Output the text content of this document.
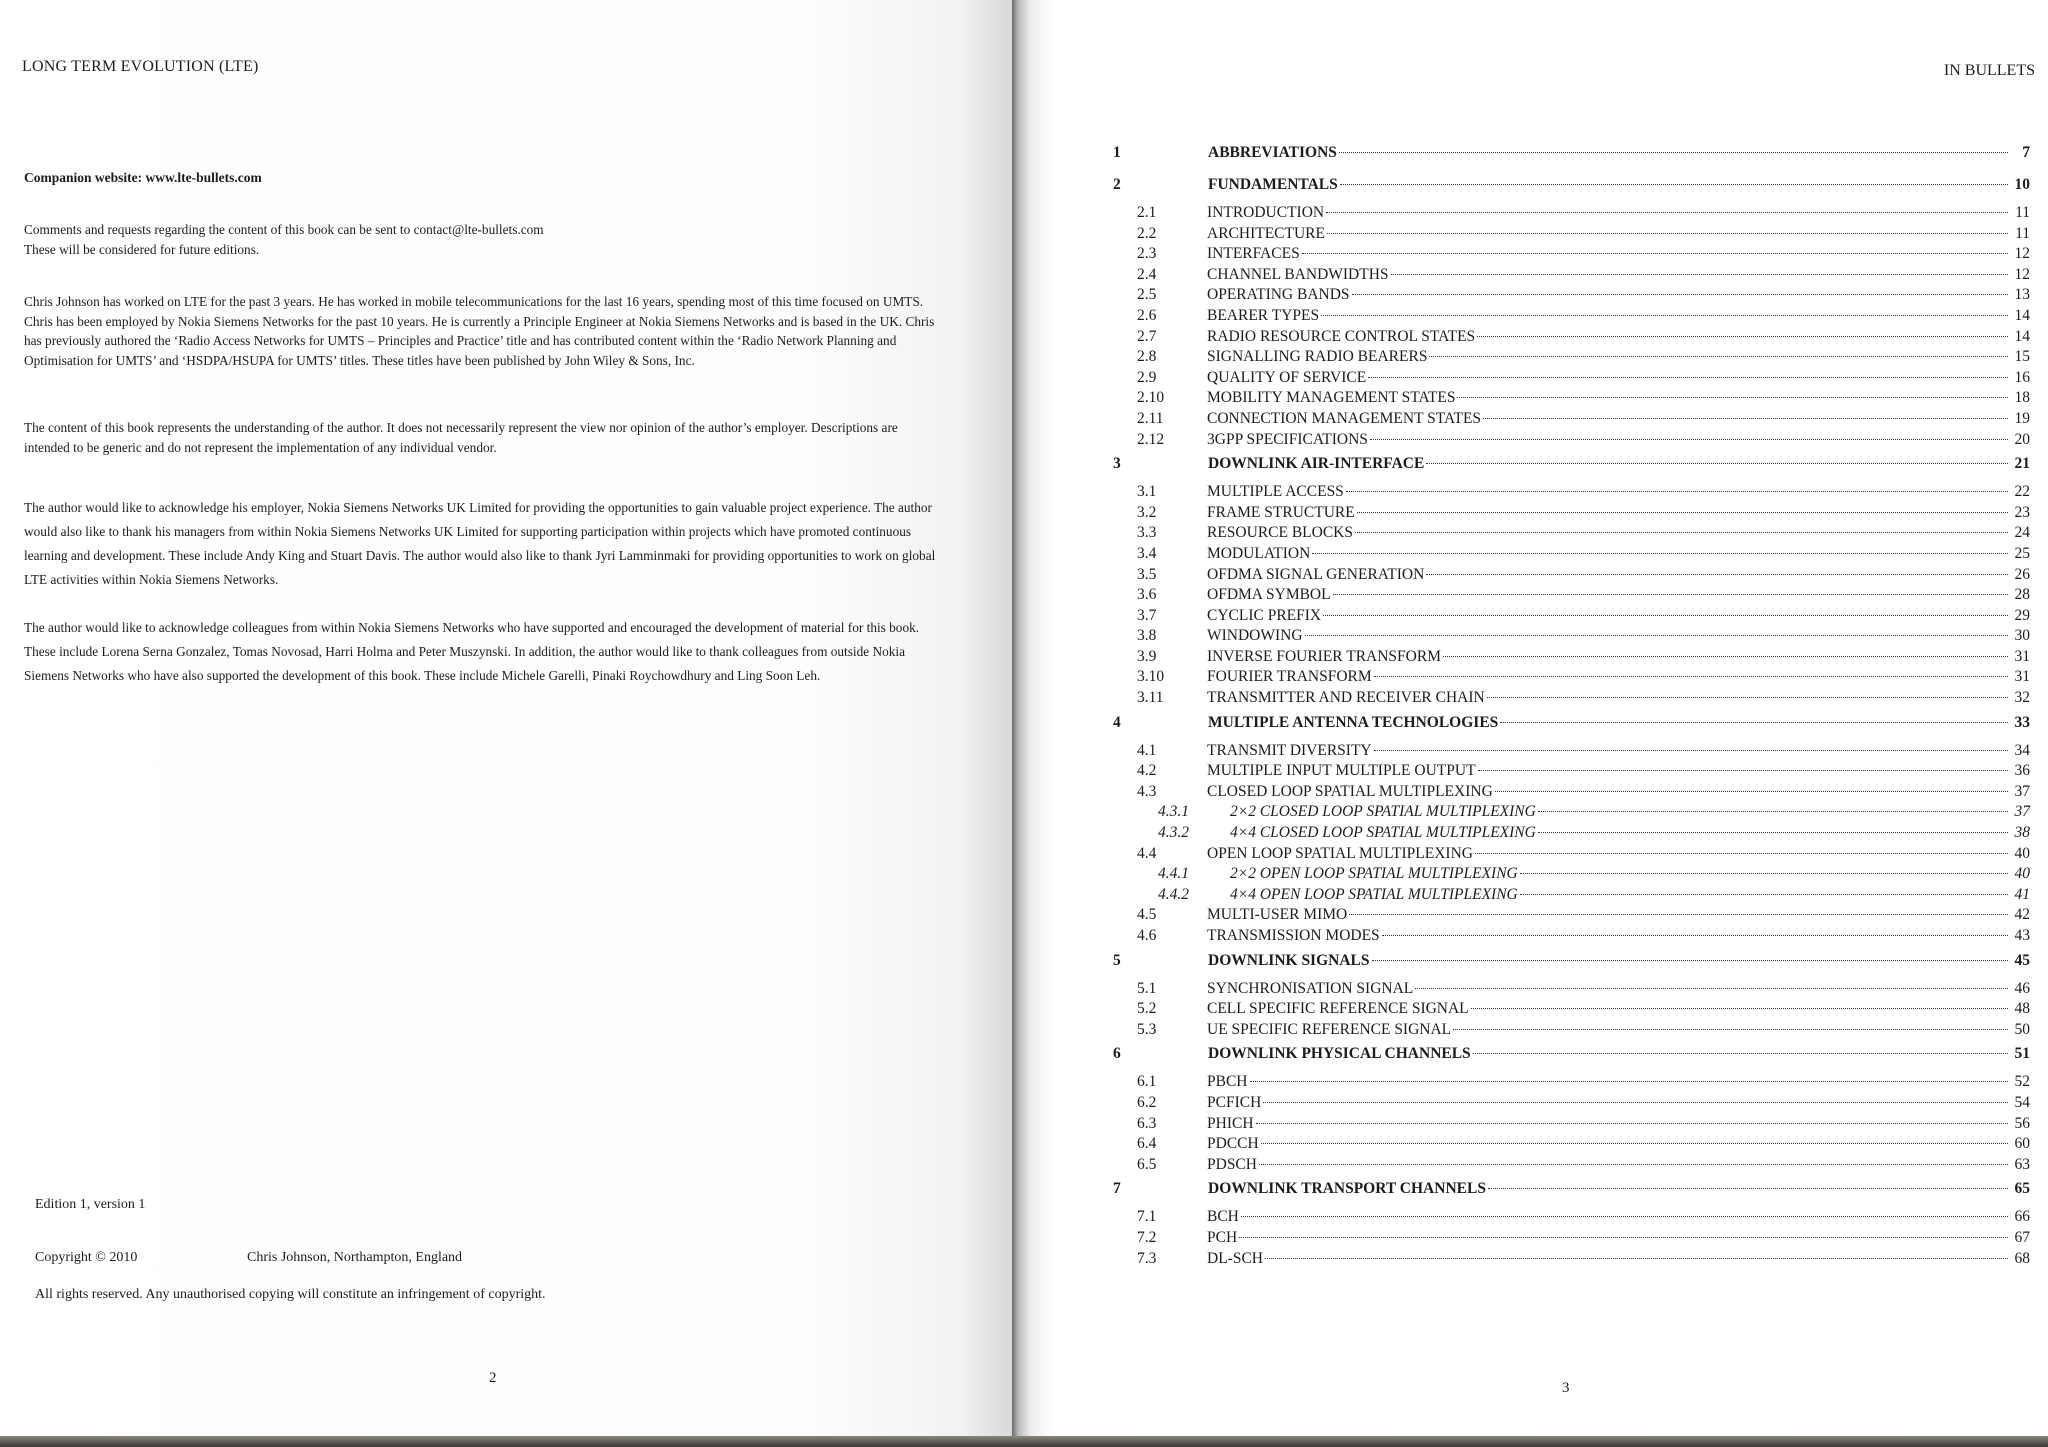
LONG TERM EVOLUTION (LTE)
Companion website: www.lte-bullets.com

Comments and requests regarding the content of this book can be sent to contact@lte-bullets.com

These will be considered for future editions.

Chris Johnson has worked on LTE for the past 3 years. He has worked in mobile telecommunications for the last 16 years, spending most of this time focused on UMTS. Chris has been employed by Nokia Siemens Networks for the past 10 years. He is currently a Principle Engineer at Nokia Siemens Networks and is based in the UK. Chris has previously authored the ‘Radio Access Networks for UMTS – Principles and Practice’ title and has contributed content within the ‘Radio Network Planning and Optimisation for UMTS’ and ‘HSDPA/HSUPA for UMTS’ titles. These titles have been published by John Wiley & Sons, Inc.

The content of this book represents the understanding of the author. It does not necessarily represent the view nor opinion of the author’s employer. Descriptions are intended to be generic and do not represent the implementation of any individual vendor.

The author would like to acknowledge his employer, Nokia Siemens Networks UK Limited for providing the opportunities to gain valuable project experience. The author would also like to thank his managers from within Nokia Siemens Networks UK Limited for supporting participation within projects which have promoted continuous learning and development. These include Andy King and Stuart Davis. The author would also like to thank Jyri Lamminmaki for providing opportunities to work on global LTE activities within Nokia Siemens Networks.

The author would like to acknowledge colleagues from within Nokia Siemens Networks who have supported and encouraged the development of material for this book. These include Lorena Serna Gonzalez, Tomas Novosad, Harri Holma and Peter Muszynski. In addition, the author would like to thank colleagues from outside Nokia Siemens Networks who have also supported the development of this book. These include Michele Garelli, Pinaki Roychowdhury and Ling Soon Leh.

Edition 1, version 1
Copyright © 2010	Chris Johnson, Northampton, England
All rights reserved. Any unauthorised copying will constitute an infringement of copyright.
2
IN BULLETS
1	ABBREVIATIONS	7
2	FUNDAMENTALS	10
2.1	INTRODUCTION	11
2.2	ARCHITECTURE	11
2.3	INTERFACES	12
2.4	CHANNEL BANDWIDTHS	12
2.5	OPERATING BANDS	13
2.6	BEARER TYPES	14
2.7	RADIO RESOURCE CONTROL STATES	14
2.8	SIGNALLING RADIO BEARERS	15
2.9	QUALITY OF SERVICE	16
2.10	MOBILITY MANAGEMENT STATES	18
2.11	CONNECTION MANAGEMENT STATES	19
2.12	3GPP SPECIFICATIONS	20
3	DOWNLINK AIR-INTERFACE	21
3.1	MULTIPLE ACCESS	22
3.2	FRAME STRUCTURE	23
3.3	RESOURCE BLOCKS	24
3.4	MODULATION	25
3.5	OFDMA SIGNAL GENERATION	26
3.6	OFDMA SYMBOL	28
3.7	CYCLIC PREFIX	29
3.8	WINDOWING	30
3.9	INVERSE FOURIER TRANSFORM	31
3.10	FOURIER TRANSFORM	31
3.11	TRANSMITTER AND RECEIVER CHAIN	32
4	MULTIPLE ANTENNA TECHNOLOGIES	33
4.1	TRANSMIT DIVERSITY	34
4.2	MULTIPLE INPUT MULTIPLE OUTPUT	36
4.3	CLOSED LOOP SPATIAL MULTIPLEXING	37
4.3.1	2×2 CLOSED LOOP SPATIAL MULTIPLEXING	37
4.3.2	4×4 CLOSED LOOP SPATIAL MULTIPLEXING	38
4.4	OPEN LOOP SPATIAL MULTIPLEXING	40
4.4.1	2×2 OPEN LOOP SPATIAL MULTIPLEXING	40
4.4.2	4×4 OPEN LOOP SPATIAL MULTIPLEXING	41
4.5	MULTI-USER MIMO	42
4.6	TRANSMISSION MODES	43
5	DOWNLINK SIGNALS	45
5.1	SYNCHRONISATION SIGNAL	46
5.2	CELL SPECIFIC REFERENCE SIGNAL	48
5.3	UE SPECIFIC REFERENCE SIGNAL	50
6	DOWNLINK PHYSICAL CHANNELS	51
6.1	PBCH	52
6.2	PCFICH	54
6.3	PHICH	56
6.4	PDCCH	60
6.5	PDSCH	63
7	DOWNLINK TRANSPORT CHANNELS	65
7.1	BCH	66
7.2	PCH	67
7.3	DL-SCH	68
3
